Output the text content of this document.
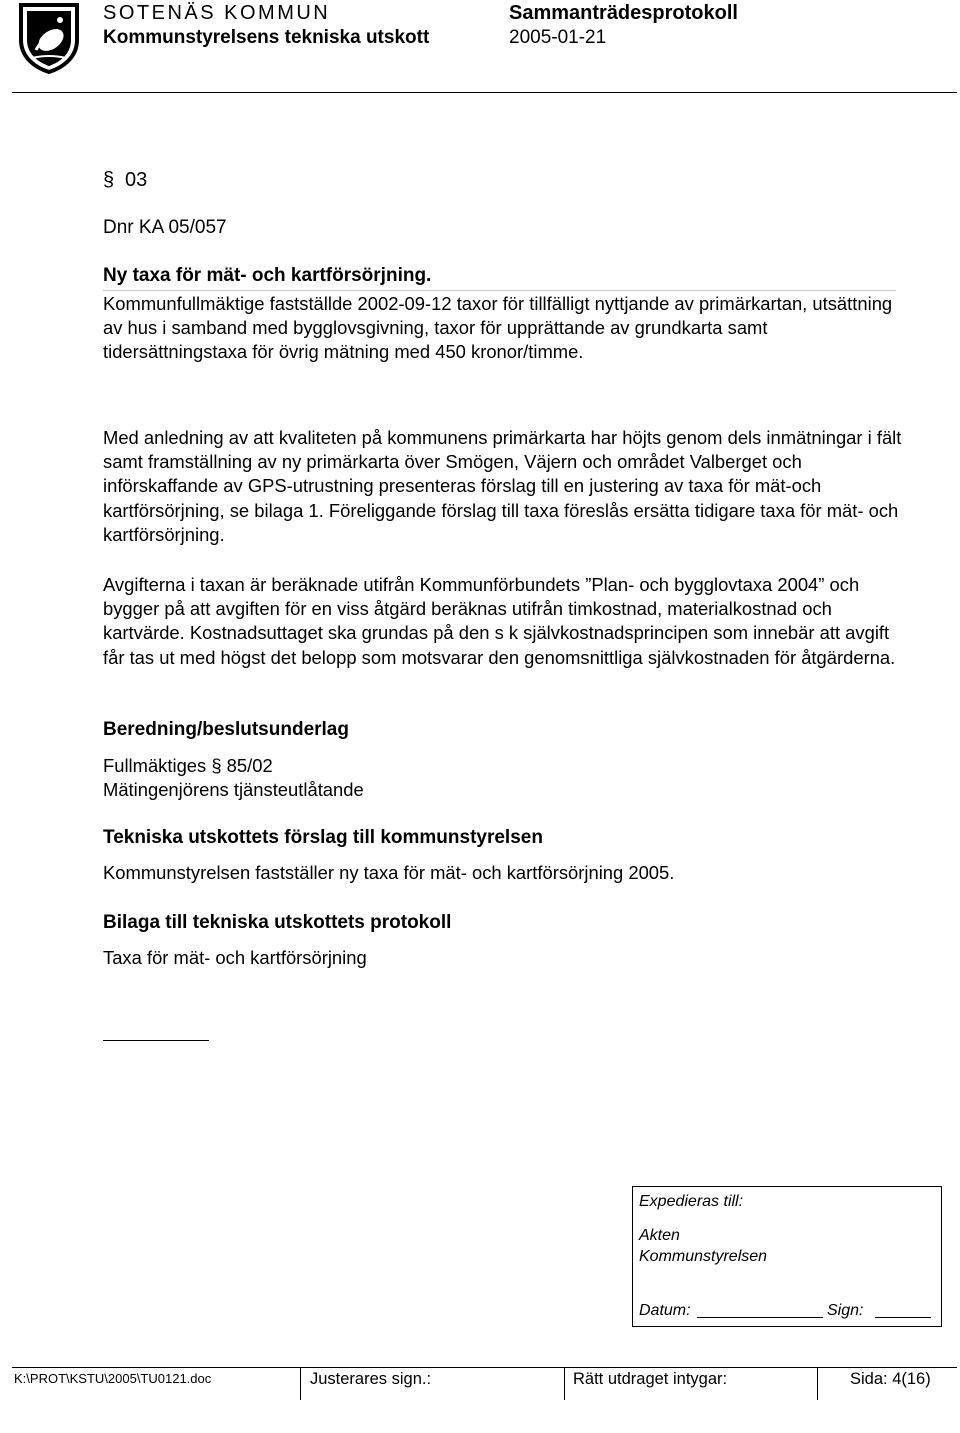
SOTENÄS KOMMUN
Kommunstyrelsens tekniska utskott
Sammanträdesprotokoll
2005-01-21
§ 03
Dnr KA 05/057
Ny taxa för mät- och kartförsörjning.
Kommunfullmäktige fastställde 2002-09-12 taxor för tillfälligt nyttjande av primärkartan, utsättning av hus i samband med bygglovsgivning, taxor för upprättande av grundkarta samt tidersättningstaxa för övrig mätning med 450 kronor/timme.
Med anledning av att kvaliteten på kommunens primärkarta har höjts genom dels inmätningar i fält samt framställning av ny primärkarta över Smögen, Väjern och området Valberget och införskaffande av GPS-utrustning presenteras förslag till en justering av taxa för mät-och kartförsörjning, se bilaga 1. Föreliggande förslag till taxa föreslås ersätta tidigare taxa för mät- och kartförsörjning.
Avgifterna i taxan är beräknade utifrån Kommunförbundets ”Plan- och bygglovtaxa 2004” och bygger på att avgiften för en viss åtgärd beräknas utifrån timkostnad, materialkostnad och kartvärde. Kostnadsuttaget ska grundas på den s k självkostnadsprincipen som innebär att avgift får tas ut med högst det belopp som motsvarar den genomsnittliga självkostnaden för åtgärderna.
Beredning/beslutsunderlag
Fullmäktiges § 85/02
Mätingenjörens tjänsteutlåtande
Tekniska utskottets förslag till kommunstyrelsen
Kommunstyrelsen fastställer ny taxa för mät- och kartförsörjning 2005.
Bilaga till tekniska utskottets protokoll
Taxa för mät- och kartförsörjning
Expedieras till:
Akten
Kommunstyrelsen
Datum:	Sign:
K:\PROT\KSTU\2005\TU0121.doc	Justerares sign.:	Rätt utdraget intygar:	Sida: 4(16)
